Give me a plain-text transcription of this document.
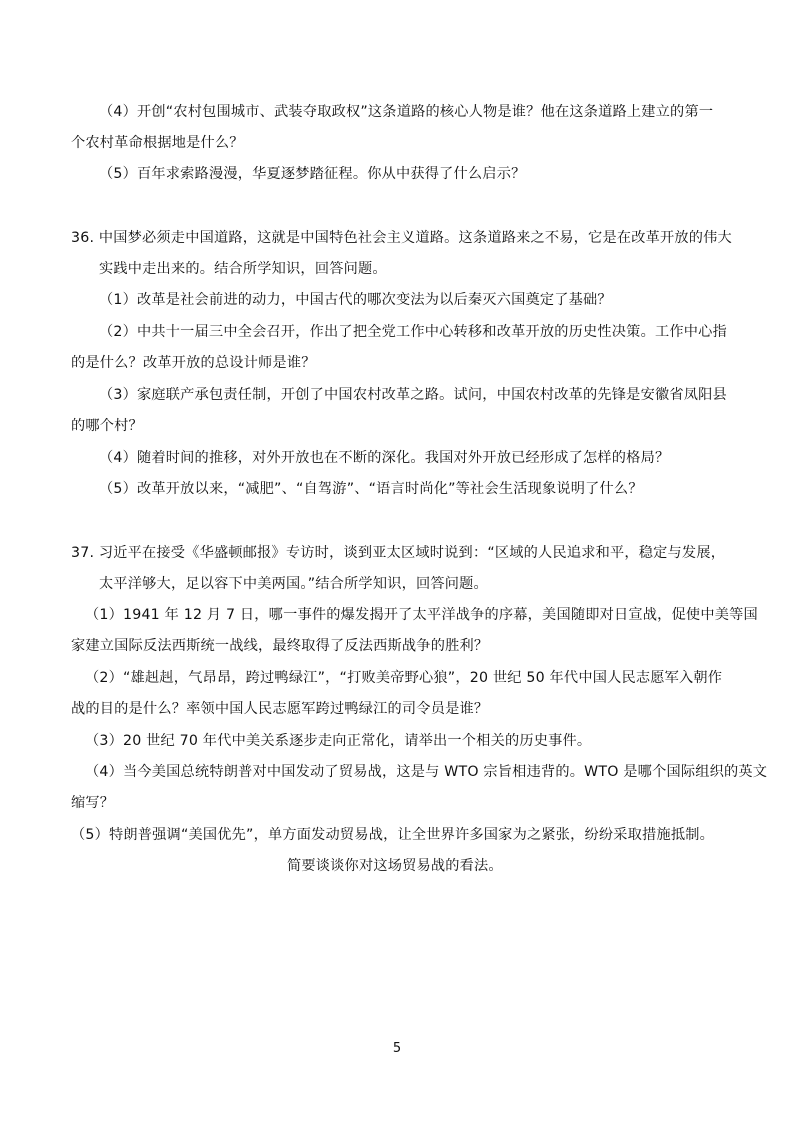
（4）开创“农村包围城市、武装夺取政权”这条道路的核心人物是谁？他在这条道路上建立的第一
个农村革命根据地是什么？
（5）百年求索路漫漫，华夏逐梦踏征程。你从中获得了什么启示？
36. 中国梦必须走中国道路，这就是中国特色社会主义道路。这条道路来之不易，它是在改革开放的伟大
实践中走出来的。结合所学知识，回答问题。
（1）改革是社会前进的动力，中国古代的哪次变法为以后秦灭六国奠定了基础？
（2）中共十一届三中全会召开，作出了把全党工作中心转移和改革开放的历史性决策。工作中心指
的是什么？改革开放的总设计师是谁？
（3）家庭联产承包责任制，开创了中国农村改革之路。试问，中国农村改革的先锋是安徽省凤阳县
的哪个村？
（4）随着时间的推移，对外开放也在不断的深化。我国对外开放已经形成了怎样的格局？
（5）改革开放以来，“减肥”、“自驾游”、“语言时尚化”等社会生活现象说明了什么？
37. 习近平在接受《华盛顿邮报》专访时，谈到亚太区域时说到：“区域的人民追求和平，稳定与发展，
太平洋够大，足以容下中美两国。”结合所学知识，回答问题。
（1）1941 年 12 月 7 日，哪一事件的爆发揭开了太平洋战争的序幕，美国随即对日宣战，促使中美等国
家建立国际反法西斯统一战线，最终取得了反法西斯战争的胜利？
（2）“雄赳赳，气昂昂，跨过鸭绿江”，“打败美帝野心狼”，20 世纪 50 年代中国人民志愿军入朝作
战的目的是什么？率领中国人民志愿军跨过鸭绿江的司令员是谁？
（3）20 世纪 70 年代中美关系逐步走向正常化，请举出一个相关的历史事件。
（4）当今美国总统特朗普对中国发动了贸易战，这是与 WTO 宗旨相违背的。WTO 是哪个国际组织的英文
缩写？
（5）特朗普强调“美国优先”，单方面发动贸易战，让全世界许多国家为之紧张，纷纷采取措施抵制。
简要谈谈你对这场贸易战的看法。
5
